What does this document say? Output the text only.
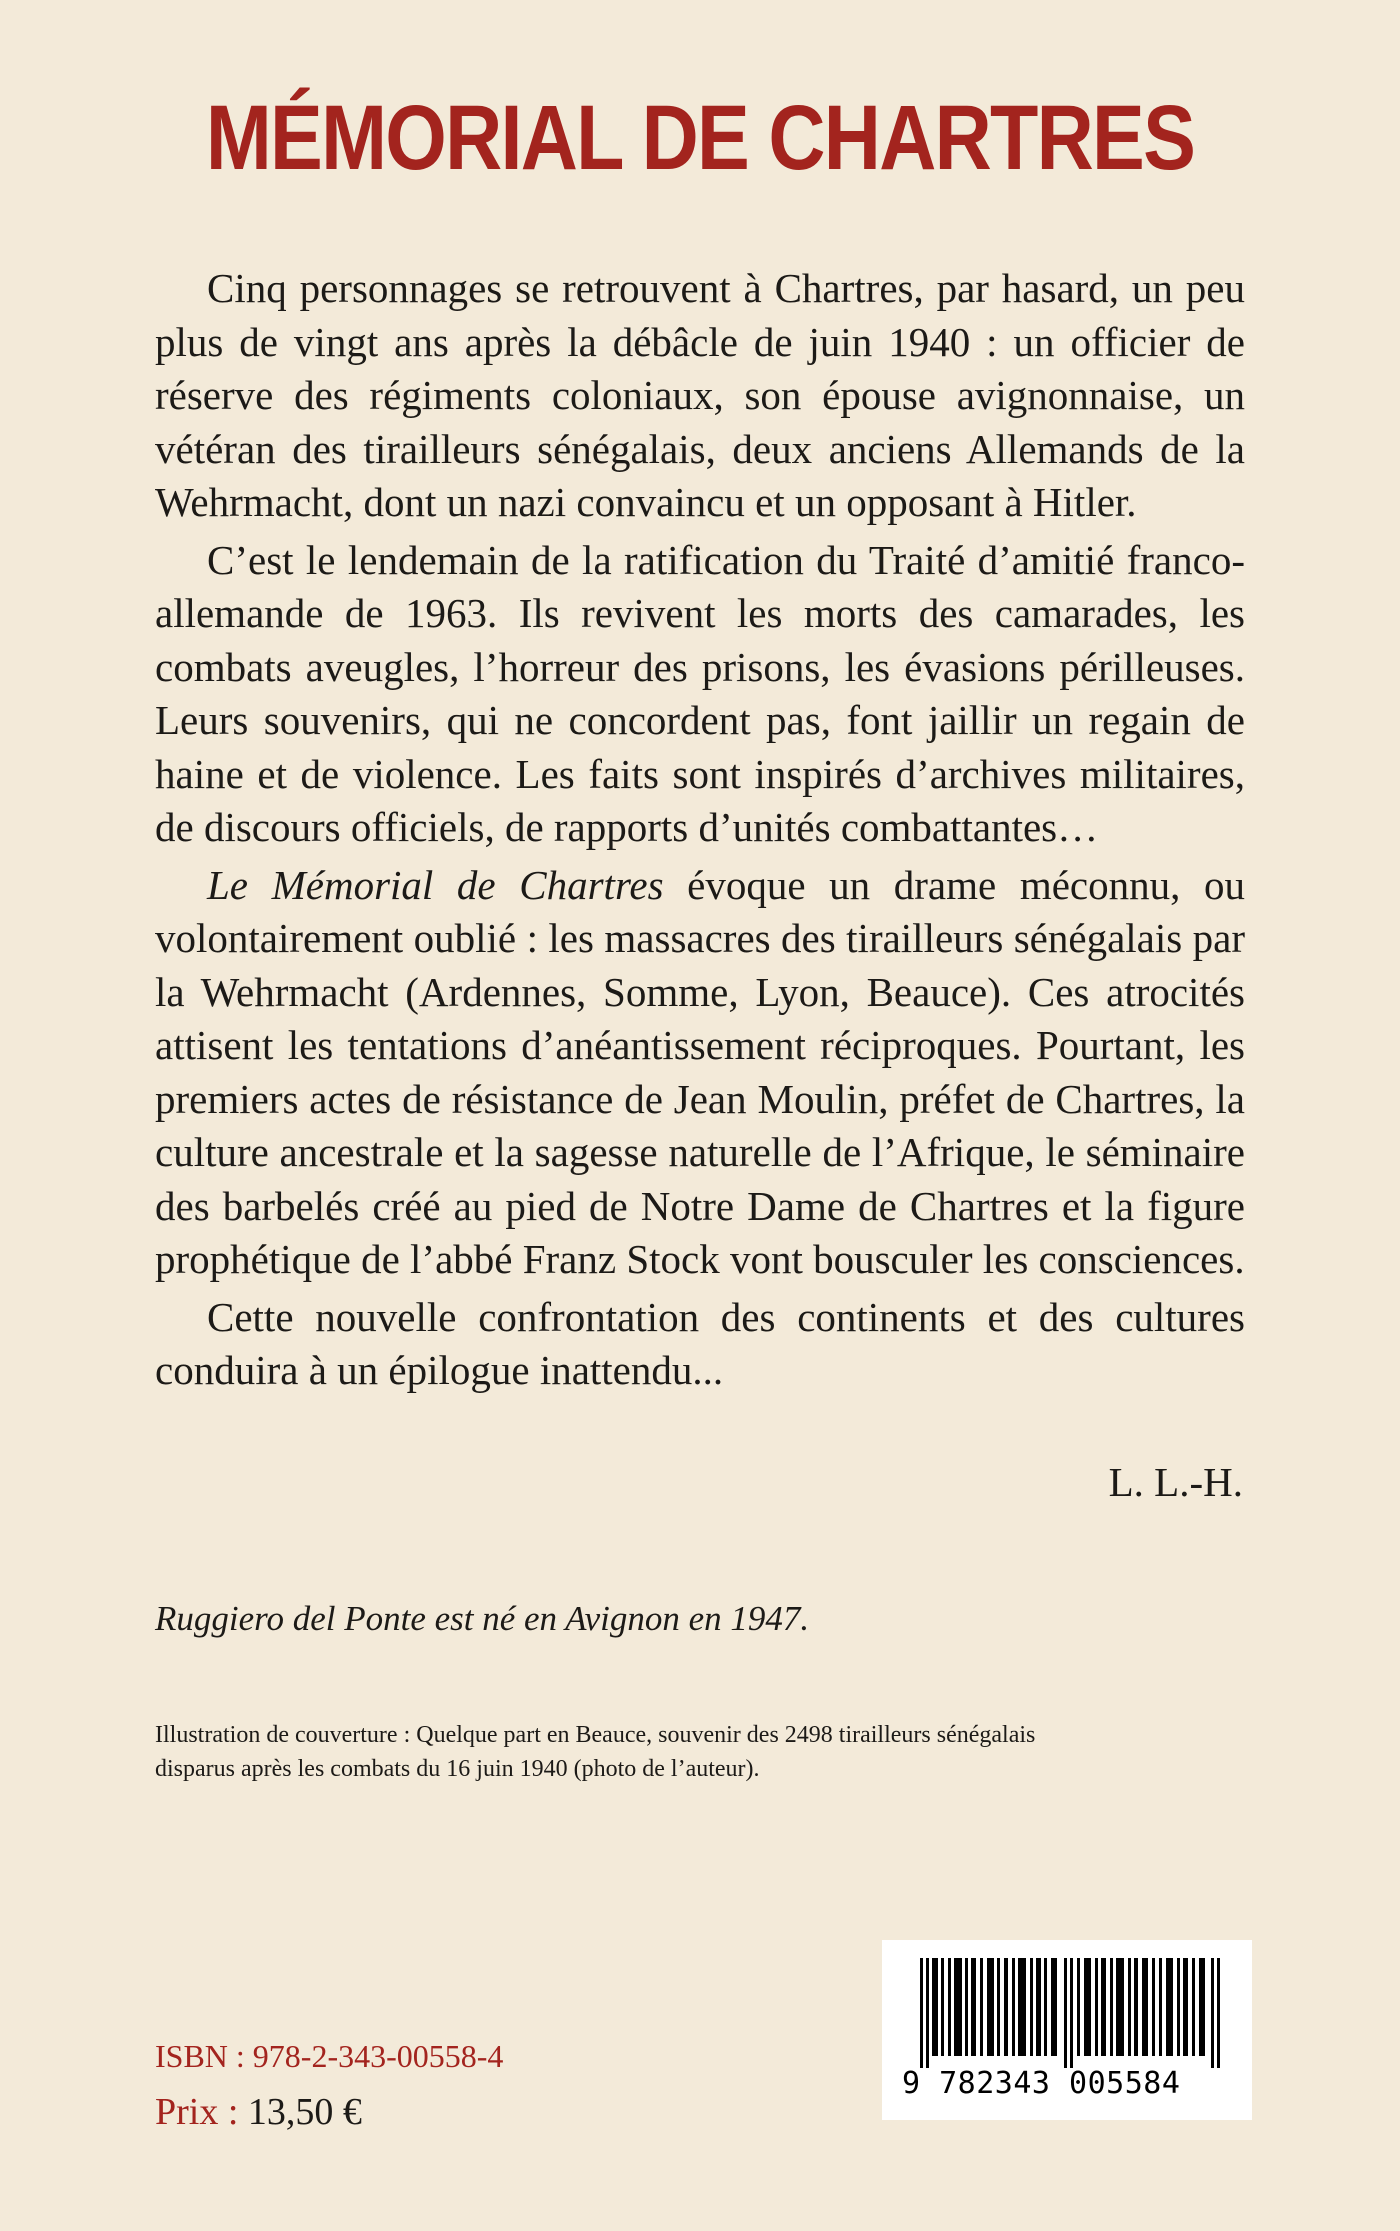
MÉMORIAL DE CHARTRES

Cinq personnages se retrouvent à Chartres, par hasard, un peu plus de vingt ans après la débâcle de juin 1940 : un officier de réserve des régiments coloniaux, son épouse avignonnaise, un vétéran des tirailleurs sénégalais, deux anciens Allemands de la Wehrmacht, dont un nazi convaincu et un opposant à Hitler.

C’est le lendemain de la ratification du Traité d’amitié franco-allemande de 1963. Ils revivent les morts des camarades, les combats aveugles, l’horreur des prisons, les évasions périlleuses. Leurs souvenirs, qui ne concordent pas, font jaillir un regain de haine et de violence. Les faits sont inspirés d’archives militaires, de discours officiels, de rapports d’unités combattantes…

Le Mémorial de Chartres évoque un drame méconnu, ou volontairement oublié : les massacres des tirailleurs sénégalais par la Wehrmacht (Ardennes, Somme, Lyon, Beauce). Ces atrocités attisent les tentations d’anéantissement réciproques. Pourtant, les premiers actes de résistance de Jean Moulin, préfet de Chartres, la culture ancestrale et la sagesse naturelle de l’Afrique, le séminaire des barbelés créé au pied de Notre Dame de Chartres et la figure prophétique de l’abbé Franz Stock vont bousculer les consciences.

Cette nouvelle confrontation des continents et des cultures conduira à un épilogue inattendu...

L. L.-H.
Ruggiero del Ponte est né en Avignon en 1947.
Illustration de couverture : Quelque part en Beauce, souvenir des 2498 tirailleurs sénégalais
disparus après les combats du 16 juin 1940 (photo de l’auteur).
ISBN : 978-2-343-00558-4
Prix : 13,50 €
9 782343 005584
